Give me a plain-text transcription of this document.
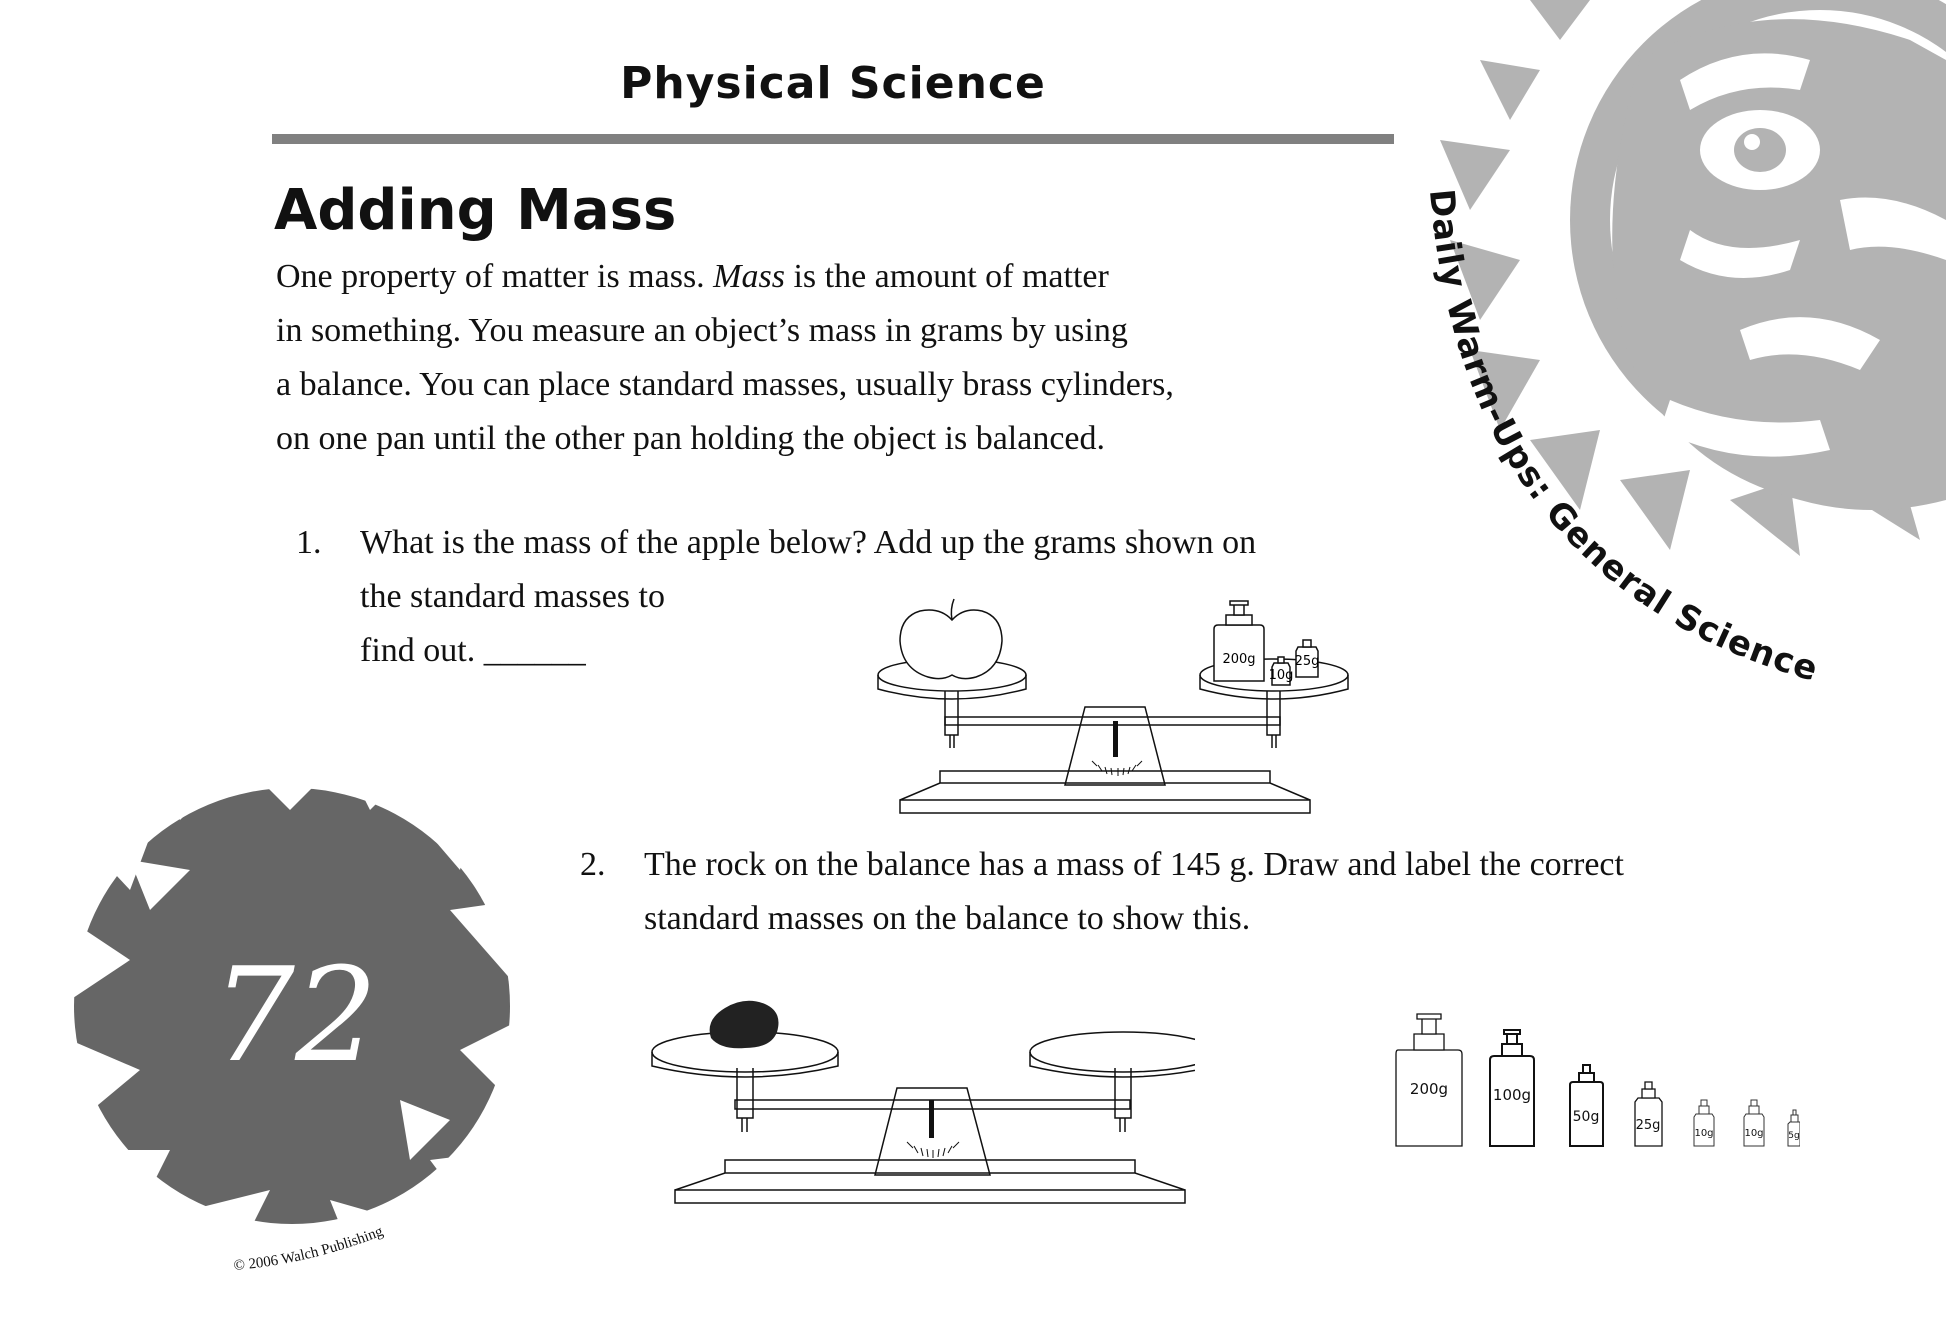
Daily Warm-Ups: General Science
Physical Science
Adding Mass

One property of matter is mass. Mass is the amount of matter

in something. You measure an object’s mass in grams by using

a balance. You can place standard masses, usually brass cylinders,

on one pan until the other pan holding the object is balanced.

1. What is the mass of the apple below? Add up the grams shown on
the standard masses to
find out. ______	200g	25g
10g
72
© 2006 Walch Publishing
2. The rock on the balance has a mass of 145 g. Draw and label the correct
standard masses on the balance to show this.
200g	100g
50g
25g
10g	10g	5g
